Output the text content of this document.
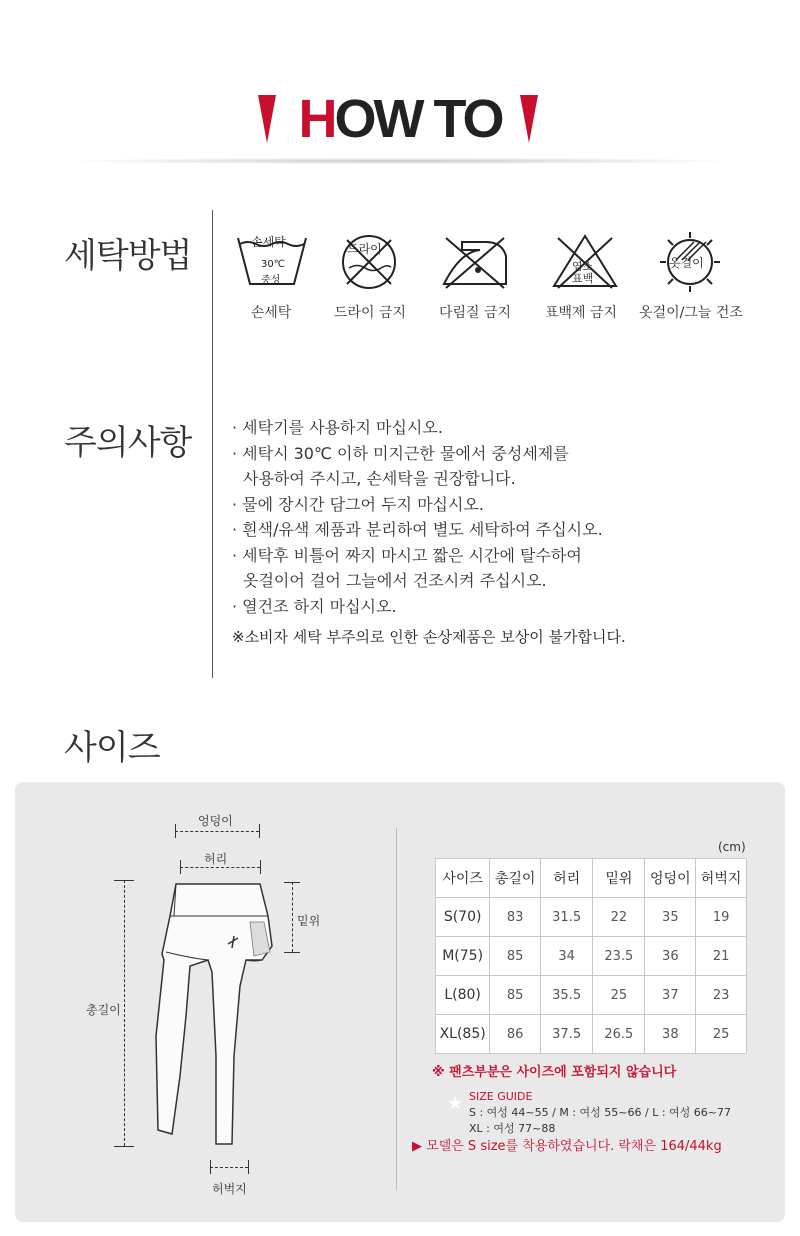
HOW TO
세탁방법	손세탁
30℃
중성
손세탁
드라이
드라이 금지	다림질 금지
염소
표백
표백제 금지
옷걸이
옷걸이/그늘 건조
주의사항	· 세탁기를 사용하지 마십시오.
· 세탁시 30℃ 이하 미지근한 물에서 중성세제를
사용하여 주시고, 손세탁을 권장합니다.
· 물에 장시간 담그어 두지 마십시오.
· 흰색/유색 제품과 분리하여 별도 세탁하여 주십시오.
· 세탁후 비틀어 짜지 마시고 짧은 시간에 탈수하여
옷걸이어 걸어 그늘에서 건조시켜 주십시오.
· 열건조 하지 마십시오.
※소비자 세탁 부주의로 인한 손상제품은 보상이 불가합니다.
사이즈
엉덩이
허리
밑위
총길이
허벅지
(cm)
사이즈	총길이	허리	밑위	엉덩이	허벅지
S(70)	83	31.5	22	35	19
M(75)	85	34	23.5	36	21
L(80)	85	35.5	25	37	23
XL(85)	86	37.5	26.5	38	25
※ 팬츠부분은 사이즈에 포함되지 않습니다
★ SIZE GUIDE
S : 여성 44~55 / M : 여성 55~66 / L : 여성 66~77
XL : 여성 77~88
▶ 모델은 S size를 착용하였습니다. 락채은 164/44kg
